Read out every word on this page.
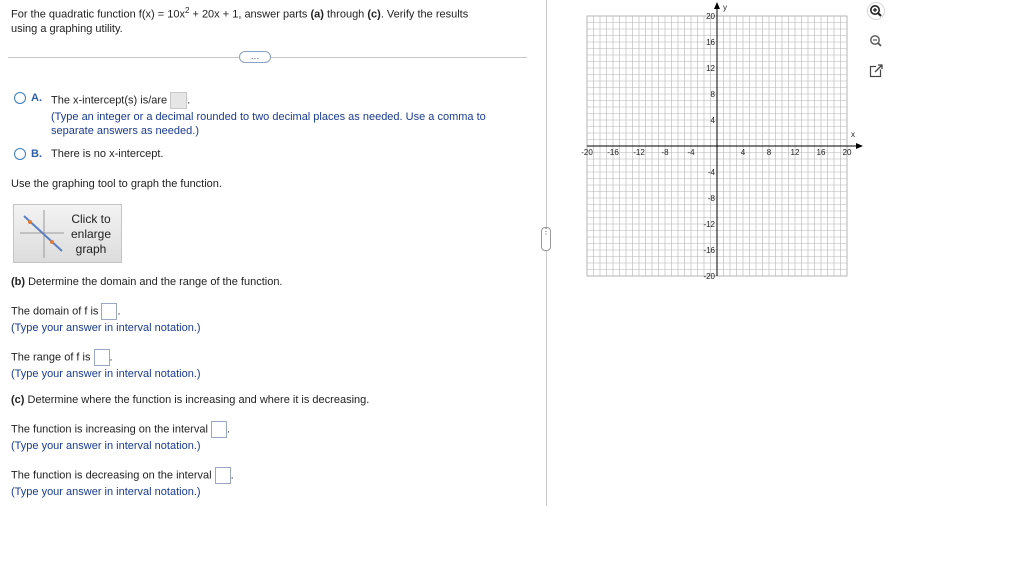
For the quadratic function $f(x) = 10x^2 + 20x + 1$, answer parts (a) through (c). Verify the results
using a graphing utility.
…
A. The x-intercept(s) is/are .
(Type an integer or a decimal rounded to two decimal places as needed. Use a comma to
separate answers as needed.)
B. There is no x-intercept.
Use the graphing tool to graph the function.
Click to
enlarge
graph
(b) Determine the domain and the range of the function.
The domain of f is .
(Type your answer in interval notation.)
The range of f is .
(Type your answer in interval notation.)
(c) Determine where the function is increasing and where it is decreasing.
The function is increasing on the interval .
(Type your answer in interval notation.)
The function is decreasing on the interval .
(Type your answer in interval notation.)
⋮
x
y
-20 -16 -12 -8 -4	4	8 12 16 20
20
16
12
8
4
-4
-8
-12
-16
-20
